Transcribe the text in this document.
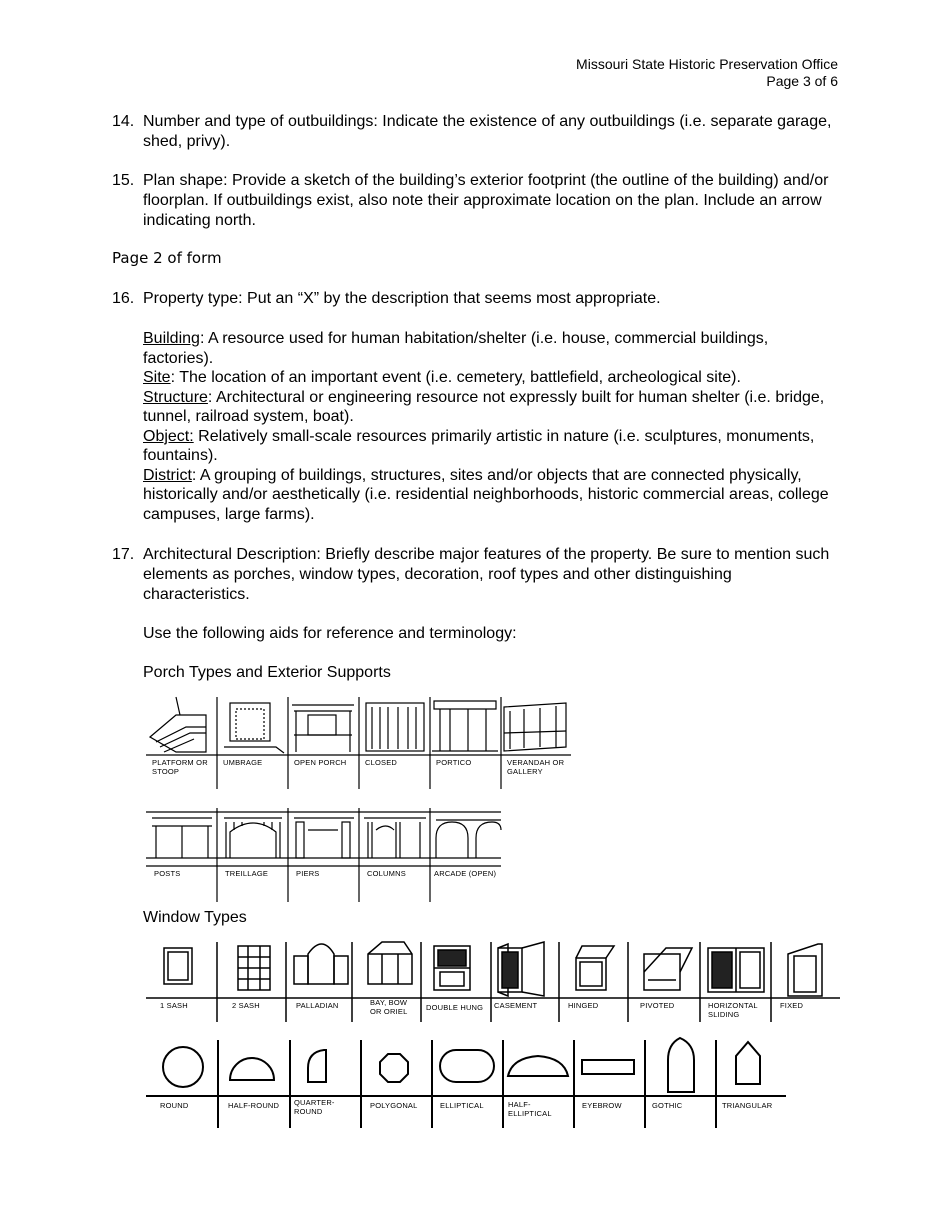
Missouri State Historic Preservation Office
Page 3 of 6
14. Number and type of outbuildings: Indicate the existence of any outbuildings (i.e. separate garage, shed, privy).
15. Plan shape: Provide a sketch of the building’s exterior footprint (the outline of the building) and/or floorplan. If outbuildings exist, also note their approximate location on the plan. Include an arrow indicating north.
Page 2 of form
16. Property type: Put an “X” by the description that seems most appropriate.
Building: A resource used for human habitation/shelter (i.e. house, commercial buildings, factories).
Site: The location of an important event (i.e. cemetery, battlefield, archeological site).
Structure: Architectural or engineering resource not expressly built for human shelter (i.e. bridge, tunnel, railroad system, boat).
Object: Relatively small-scale resources primarily artistic in nature (i.e. sculptures, monuments, fountains).
District: A grouping of buildings, structures, sites and/or objects that are connected physically, historically and/or aesthetically (i.e. residential neighborhoods, historic commercial areas, college campuses, large farms).
17. Architectural Description: Briefly describe major features of the property. Be sure to mention such elements as porches, window types, decoration, roof types and other distinguishing characteristics.
Use the following aids for reference and terminology:
Porch Types and Exterior Supports
PLATFORM OR STOOP
UMBRAGE	OPEN PORCH	CLOSED	PORTICO	VERANDAH OR GALLERY
POSTS	TREILLAGE	PIERS	COLUMNS	ARCADE (OPEN)
Window Types
1 SASH	2 SASH	PALLADIAN	BAY, BOW OR ORIEL	DOUBLE HUNG	CASEMENT	HINGED	PIVOTED	HORIZONTAL SLIDING
FIXED
ROUND	HALF-ROUND	QUARTER-ROUND
POLYGONAL	ELLIPTICAL	HALF-ELLIPTICAL
EYEBROW	GOTHIC	TRIANGULAR
